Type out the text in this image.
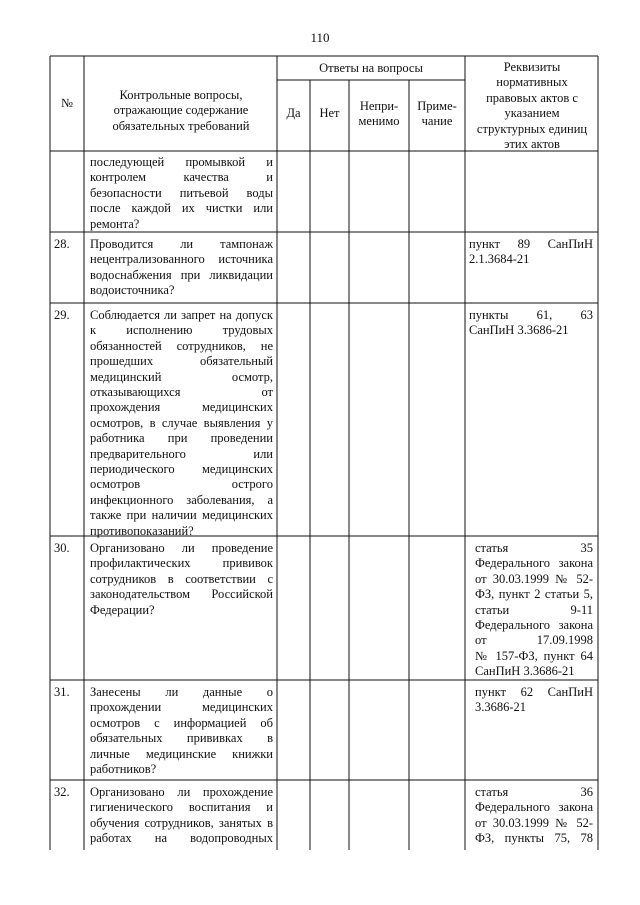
110
№
Контрольные вопросы, отражающие содержание обязательных требований
Ответы на вопросы
Да	Нет	Непри-
менимо
Приме-
чание
Реквизиты нормативных правовых актов с указанием структурных единиц этих актов
последующей промывкой и
контролем качества и
безопасности питьевой воды
после каждой их чистки или
ремонта?
28. Проводится ли тампонаж
нецентрализованного источника
водоснабжения при ликвидации
водоисточника?
пункт 89 СанПиН
2.1.3684-21
29. Соблюдается ли запрет на допуск
к исполнению трудовых
обязанностей сотрудников, не
прошедших обязательный
медицинский осмотр,
отказывающихся от
прохождения медицинских
осмотров, в случае выявления у
работника при проведении
предварительного или
периодического медицинских
осмотров острого
инфекционного заболевания, а
также при наличии медицинских
противопоказаний?
пункты 61, 63
СанПиН 3.3686-21
30. Организовано ли проведение
профилактических прививок
сотрудников в соответствии с
законодательством Российской
Федерации?
статья 35
Федерального закона
от 30.03.1999 № 52-
ФЗ, пункт 2 статьи 5,
статьи 9-11
Федерального закона
от 17.09.1998
№ 157-ФЗ, пункт 64
СанПиН 3.3686-21
31. Занесены ли данные о
прохождении медицинских
осмотров с информацией об
обязательных прививках в
личные медицинские книжки
работников?
пункт 62 СанПиН
3.3686-21
32. Организовано ли прохождение
гигиенического воспитания и
обучения сотрудников, занятых в
работах на водопроводных
статья 36
Федерального закона
от 30.03.1999 № 52-
ФЗ, пункты 75, 78
